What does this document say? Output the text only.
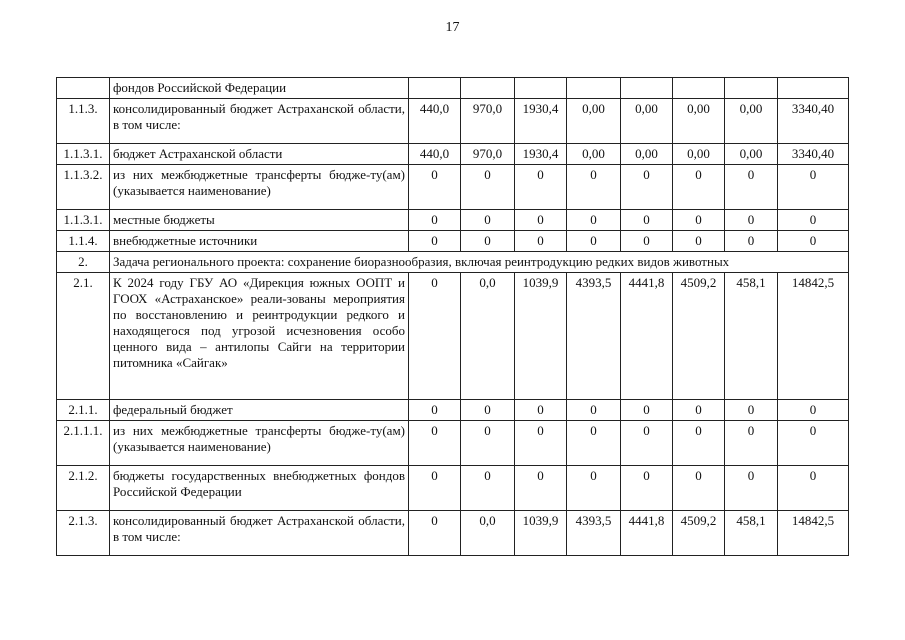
17
	фондов Российской Федерации								
1.1.3.	консолидированный бюджет Астраханской области, в том числе:	440,0	970,0	1930,4	0,00	0,00	0,00	0,00	3340,40
1.1.3.1.	бюджет Астраханской области	440,0	970,0	1930,4	0,00	0,00	0,00	0,00	3340,40
1.1.3.2.	из них межбюджетные трансферты бюдже-ту(ам) (указывается наименование)	0	0	0	0	0	0	0	0
1.1.3.1.	местные бюджеты	0	0	0	0	0	0	0	0
1.1.4.	внебюджетные источники	0	0	0	0	0	0	0	0
2.	Задача регионального проекта: сохранение биоразнообразия, включая реинтродукцию редких видов животных								
2.1.	К 2024 году ГБУ АО «Дирекция южных ООПТ и ГООХ «Астраханское» реали-зованы мероприятия по восстановлению и реинтродукции редкого и находящегося под угрозой исчезновения особо ценного вида – антилопы Сайги на территории питомника «Сайгак»	0	0,0	1039,9	4393,5	4441,8	4509,2	458,1	14842,5
2.1.1.	федеральный бюджет	0	0	0	0	0	0	0	0
2.1.1.1.	из них межбюджетные трансферты бюдже-ту(ам) (указывается наименование)	0	0	0	0	0	0	0	0
2.1.2.	бюджеты государственных внебюджетных фондов Российской Федерации	0	0	0	0	0	0	0	0
2.1.3.	консолидированный бюджет Астраханской области, в том числе:	0	0,0	1039,9	4393,5	4441,8	4509,2	458,1	14842,5
